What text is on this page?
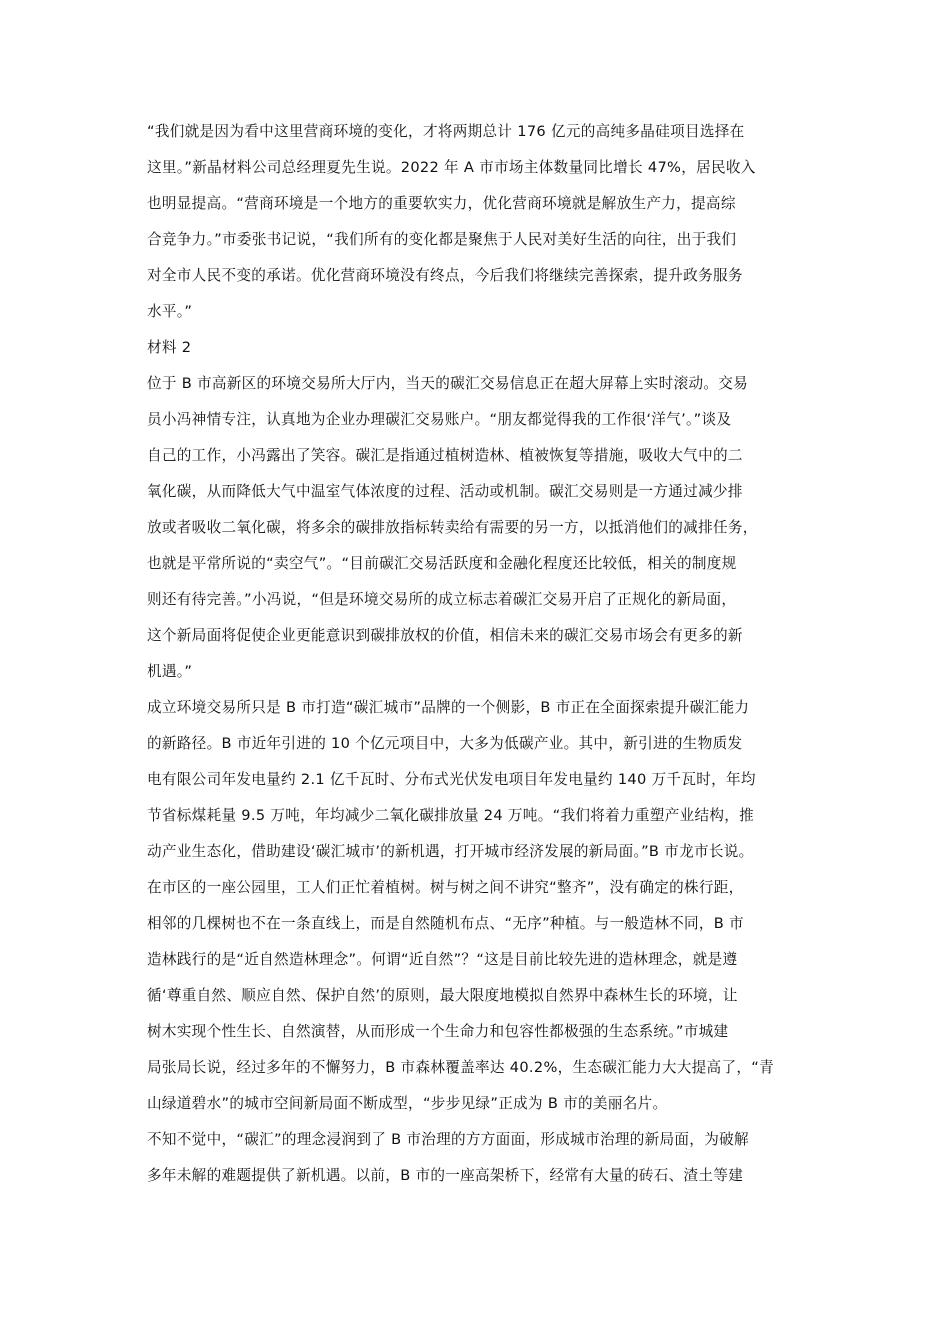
“我们就是因为看中这里营商环境的变化，才将两期总计 176 亿元的高纯多晶硅项目选择在
这里。”新晶材料公司总经理夏先生说。2022 年 A 市市场主体数量同比增长 47%，居民收入
也明显提高。“营商环境是一个地方的重要软实力，优化营商环境就是解放生产力，提高综
合竞争力。”市委张书记说，“我们所有的变化都是聚焦于人民对美好生活的向往，出于我们
对全市人民不变的承诺。优化营商环境没有终点，今后我们将继续完善探索，提升政务服务
水平。”
材料 2
位于 B 市高新区的环境交易所大厅内，当天的碳汇交易信息正在超大屏幕上实时滚动。交易
员小冯神情专注，认真地为企业办理碳汇交易账户。“朋友都觉得我的工作很‘洋气’。”谈及
自己的工作，小冯露出了笑容。碳汇是指通过植树造林、植被恢复等措施，吸收大气中的二
氧化碳，从而降低大气中温室气体浓度的过程、活动或机制。碳汇交易则是一方通过减少排
放或者吸收二氧化碳，将多余的碳排放指标转卖给有需要的另一方，以抵消他们的减排任务，
也就是平常所说的“卖空气”。“目前碳汇交易活跃度和金融化程度还比较低，相关的制度规
则还有待完善。”小冯说，“但是环境交易所的成立标志着碳汇交易开启了正规化的新局面，
这个新局面将促使企业更能意识到碳排放权的价值，相信未来的碳汇交易市场会有更多的新
机遇。”
成立环境交易所只是 B 市打造“碳汇城市”品牌的一个侧影，B 市正在全面探索提升碳汇能力
的新路径。B 市近年引进的 10 个亿元项目中，大多为低碳产业。其中，新引进的生物质发
电有限公司年发电量约 2.1 亿千瓦时、分布式光伏发电项目年发电量约 140 万千瓦时，年均
节省标煤耗量 9.5 万吨，年均减少二氧化碳排放量 24 万吨。“我们将着力重塑产业结构，推
动产业生态化，借助建设‘碳汇城市’的新机遇，打开城市经济发展的新局面。”B 市龙市长说。
在市区的一座公园里，工人们正忙着植树。树与树之间不讲究“整齐”，没有确定的株行距，
相邻的几棵树也不在一条直线上，而是自然随机布点、“无序”种植。与一般造林不同，B 市
造林践行的是“近自然造林理念”。何谓“近自然”？“这是目前比较先进的造林理念，就是遵
循‘尊重自然、顺应自然、保护自然’的原则，最大限度地模拟自然界中森林生长的环境，让
树木实现个性生长、自然演替，从而形成一个生命力和包容性都极强的生态系统。”市城建
局张局长说，经过多年的不懈努力，B 市森林覆盖率达 40.2%，生态碳汇能力大大提高了，“青
山绿道碧水”的城市空间新局面不断成型，“步步见绿”正成为 B 市的美丽名片。
不知不觉中，“碳汇”的理念浸润到了 B 市治理的方方面面，形成城市治理的新局面，为破解
多年未解的难题提供了新机遇。以前，B 市的一座高架桥下，经常有大量的砖石、渣土等建
